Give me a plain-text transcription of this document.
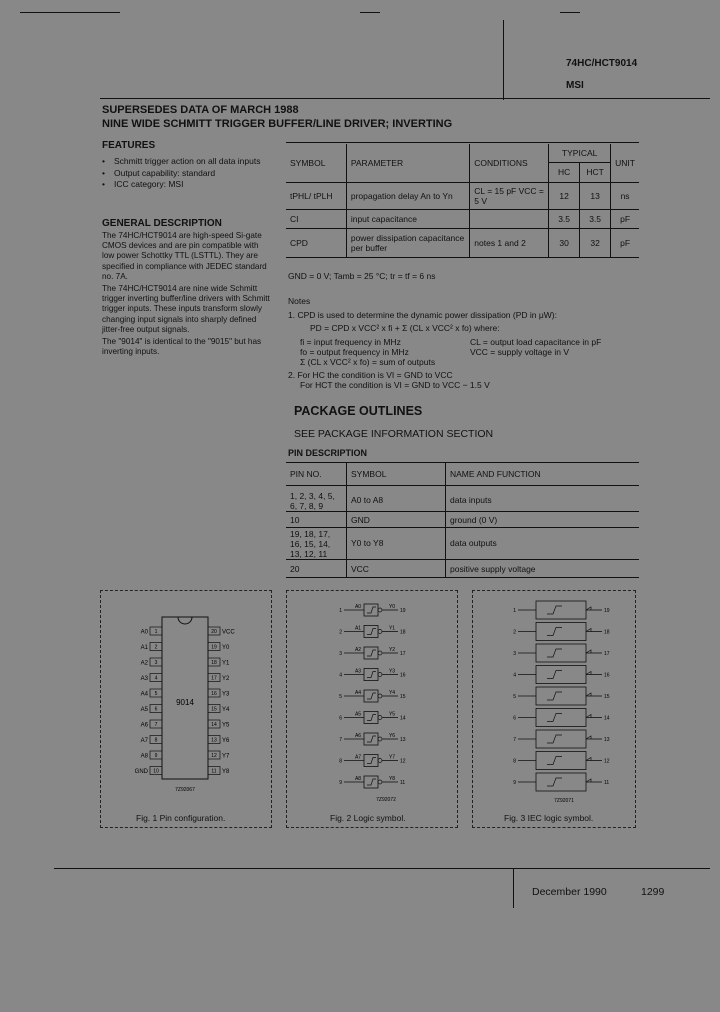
74HC/HCT9014
MSI
SUPERSEDES DATA OF MARCH 1988
NINE WIDE SCHMITT TRIGGER BUFFER/LINE DRIVER; INVERTING
FEATURES
•	Schmitt trigger action on all data inputs
•	Output capability: standard
•	ICC category: MSI
GENERAL DESCRIPTION
The 74HC/HCT9014 are high-speed Si-gate CMOS devices and are pin compatible with low power Schottky TTL (LSTTL). They are specified in compliance with JEDEC standard no. 7A.
The 74HC/HCT9014 are nine wide Schmitt trigger inverting buffer/line drivers with Schmitt trigger inputs. These inputs transform slowly changing input signals into sharply defined jitter-free output signals.
The "9014" is identical to the "9015" but has inverting inputs.
SYMBOL	PARAMETER	CONDITIONS	TYPICAL
HC HCT	UNIT
tPHL/ tPLH	propagation delay An to Yn	CL = 15 pF VCC = 5 V	12 13	ns
CI	input capacitance		3.5 3.5	pF
CPD	power dissipation capacitance per buffer	notes 1 and 2	30 32	pF
GND = 0 V; Tamb = 25 °C; tr = tf = 6 ns
Notes
1. CPD is used to determine the dynamic power dissipation (PD in μW):
PD = CPD x VCC² x fi + Σ (CL x VCC² x fo) where:
fi = input frequency in MHz
fo = output frequency in MHz
Σ (CL x VCC² x fo) = sum of outputs
CL = output load capacitance in pF
VCC = supply voltage in V
2. For HC the condition is VI = GND to VCC
For HCT the condition is VI = GND to VCC − 1.5 V
PACKAGE OUTLINES
SEE PACKAGE INFORMATION SECTION
PIN DESCRIPTION
PIN NO.	SYMBOL	NAME AND FUNCTION
1, 2, 3, 4, 5, 6, 7, 8, 9	A0 to A8	data inputs
10	GND	ground (0 V)
19, 18, 17, 16, 15, 14, 13, 12, 11	Y0 to Y8	data outputs
20	VCC	positive supply voltage
9014
1
A0	20 VCC
2
A1	19 Y0
3
A2	18 Y1
4
A3	17 Y2
5
A4	16 Y3
6
A5	15 Y4
7
A6	14 Y5
8
A7	13 Y6
9
A8	12 Y7
10
GND	11 Y8
7Z92067
Fig. 1 Pin configuration.
1
A0	Y0
19
2
A1	Y1
18
3
A2	Y2
17
4
A3	Y3
16
5
A4	Y4
15
6
A5	Y5
14
7
A6	Y6
13
8
A7	Y7
12
9
A8	Y8
11
7Z92072
Fig. 2 Logic symbol.
1	19
2	18
3	17
4	16
5	15
6	14
7	13
8	12
9	11
7Z92071
Fig. 3 IEC logic symbol.
December 1990	1299
